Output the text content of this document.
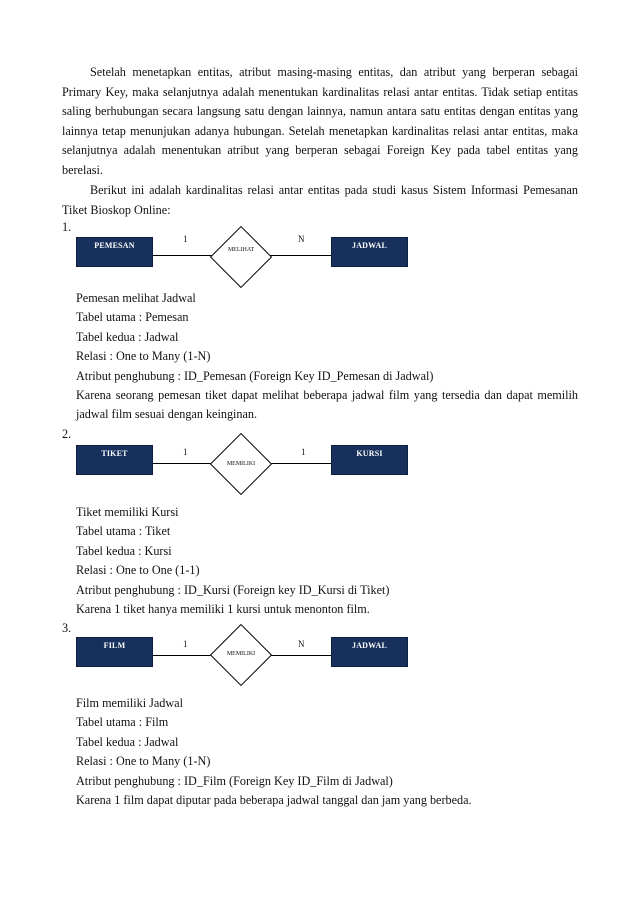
Setelah menetapkan entitas, atribut masing-masing entitas, dan atribut yang berperan sebagai Primary Key, maka selanjutnya adalah menentukan kardinalitas relasi antar entitas. Tidak setiap entitas saling berhubungan secara langsung satu dengan lainnya, namun antara satu entitas dengan entitas yang lainnya tetap menunjukan adanya hubungan. Setelah menetapkan kardinalitas relasi antar entitas, maka selanjutnya adalah menentukan atribut yang berperan sebagai Foreign Key pada tabel entitas yang berelasi.

Berikut ini adalah kardinalitas relasi antar entitas pada studi kasus Sistem Informasi Pemesanan Tiket Bioskop Online:

1.
PEMESAN	JADWAL
MELIHAT
1	N
Pemesan melihat Jadwal
Tabel utama : Pemesan
Tabel kedua : Jadwal
Relasi : One to Many (1-N)
Atribut penghubung : ID_Pemesan (Foreign Key ID_Pemesan di Jadwal)
Karena seorang pemesan tiket dapat melihat beberapa jadwal film yang tersedia dan dapat memilih jadwal film sesuai dengan keinginan.
2.
TIKET	KURSI
MEMILIKI
1	1
Tiket memiliki Kursi
Tabel utama : Tiket
Tabel kedua : Kursi
Relasi : One to One (1-1)
Atribut penghubung : ID_Kursi (Foreign key ID_Kursi di Tiket)
Karena 1 tiket hanya memiliki 1 kursi untuk menonton film.
3.
FILM	JADWAL
MEMILIKI
1	N
Film memiliki Jadwal
Tabel utama : Film
Tabel kedua : Jadwal
Relasi : One to Many (1-N)
Atribut penghubung : ID_Film (Foreign Key ID_Film di Jadwal)
Karena 1 film dapat diputar pada beberapa jadwal tanggal dan jam yang berbeda.
